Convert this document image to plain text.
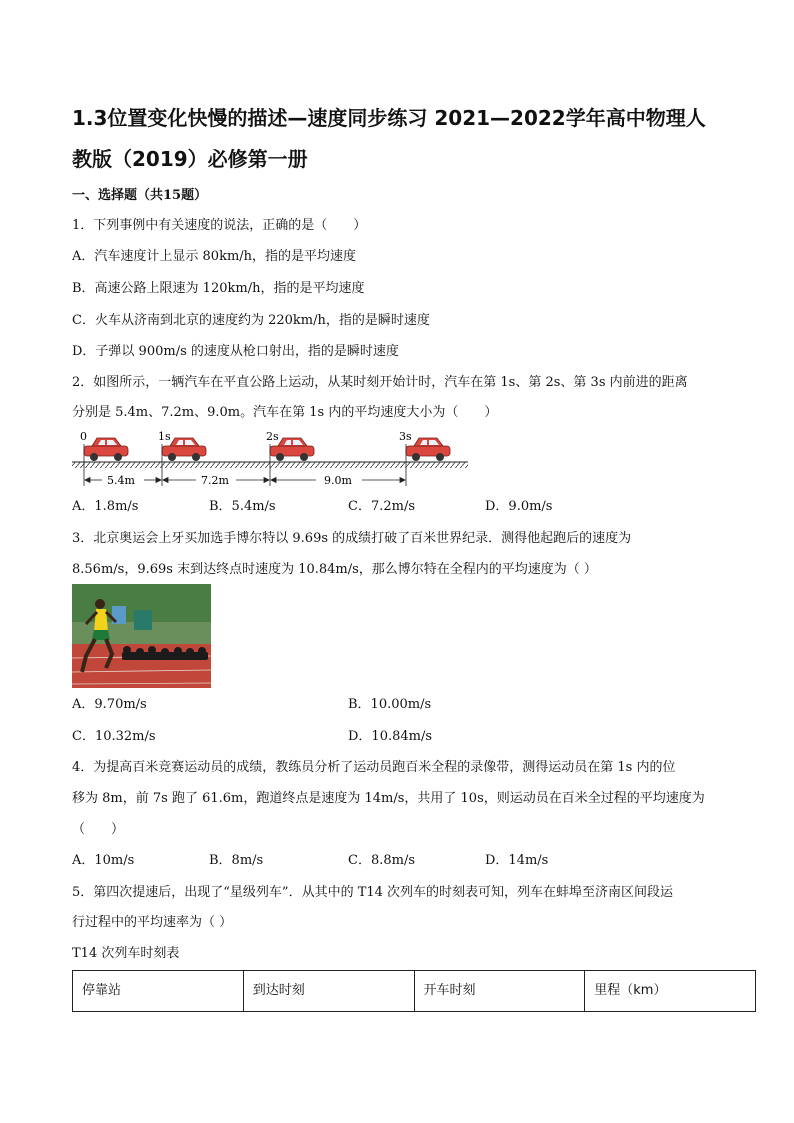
1.3位置变化快慢的描述—速度同步练习 2021—2022学年高中物理人
教版（2019）必修第一册
一、选择题（共15题）
1．下列事例中有关速度的说法，正确的是（　　）
A．汽车速度计上显示 80km/h，指的是平均速度
B．高速公路上限速为 120km/h，指的是平均速度
C．火车从济南到北京的速度约为 220km/h，指的是瞬时速度
D．子弹以 900m/s 的速度从枪口射出，指的是瞬时速度
2．如图所示，一辆汽车在平直公路上运动，从某时刻开始计时，汽车在第 1s、第 2s、第 3s 内前进的距离
分别是 5.4m、7.2m、9.0m。汽车在第 1s 内的平均速度大小为（　　）
0	1s	2s	3s
5.4m	7.2m	9.0m
A．1.8m/s	B．5.4m/s	C．7.2m/s	D．9.0m/s
3．北京奥运会上牙买加选手博尔特以 9.69s 的成绩打破了百米世界纪录．测得他起跑后的速度为
8.56m/s，9.69s 末到达终点时速度为 10.84m/s，那么博尔特在全程内的平均速度为（ ）
A．9.70m/s	B．10.00m/s
C．10.32m/s	D．10.84m/s
4．为提高百米竞赛运动员的成绩，教练员分析了运动员跑百米全程的录像带，测得运动员在第 1s 内的位
移为 8m，前 7s 跑了 61.6m，跑道终点是速度为 14m/s，共用了 10s，则运动员在百米全过程的平均速度为
（　　）
A．10m/s	B．8m/s	C．8.8m/s	D．14m/s
5．第四次提速后，出现了“星级列车”．从其中的 T14 次列车的时刻表可知，列车在蚌埠至济南区间段运
行过程中的平均速率为（ ）
T14 次列车时刻表
停靠站	到达时刻	开车时刻	里程（km）
